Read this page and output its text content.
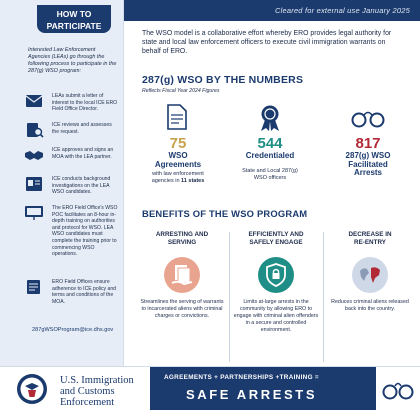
Cleared for external use January 2025
HOW TO
PARTICIPATE
Interested Law Enforcement Agencies (LEAs) go through the following process to participate in the 287(g) WSO program:
LEAs submit a letter of interest to the local ICE ERO Field Office Director.
ICE reviews and assesses the request.
ICE approves and signs an MOA with the LEA partner.
ICE conducts background investigations on the LEA WSO candidates.
The ERO Field Office's WSO POC facilitates an 8-hour in-depth training on authorities and protocol for WSO. LEA WSO candidates must complete the training prior to commencing WSO operations.
ERO Field Offices ensure adherence to ICE policy and terms and conditions of the MOA.
287gWSOProgram@ice.dhs.gov
The WSO model is a collaborative effort whereby ERO provides legal authority for state and local law enforcement officers to execute civil immigration warrants on behalf of ERO.
287(g) WSO BY THE NUMBERS
Reflects Fiscal Year 2024 Figures
75
WSO
Agreements
with law enforcement
agencies in 11 states
544
Credentialed
State and Local 287(g)
WSO officers
817
287(g) WSO
Facilitated
Arrests
BENEFITS OF THE WSO PROGRAM
ARRESTING AND
SERVING
Streamlines the serving of warrants to incarcerated aliens with criminal charges or convictions.
EFFICIENTLY AND
SAFELY ENGAGE
Limits at-large arrests in the community by allowing ERO to engage with criminal alien offenders in a secure and controlled environment.
DECREASE IN
RE-ENTRY
Reduces criminal aliens released back into the country.
U.S. Immigration
and Customs
Enforcement
AGREEMENTS + PARTNERSHIPS +TRAINING =
SAFE ARRESTS
